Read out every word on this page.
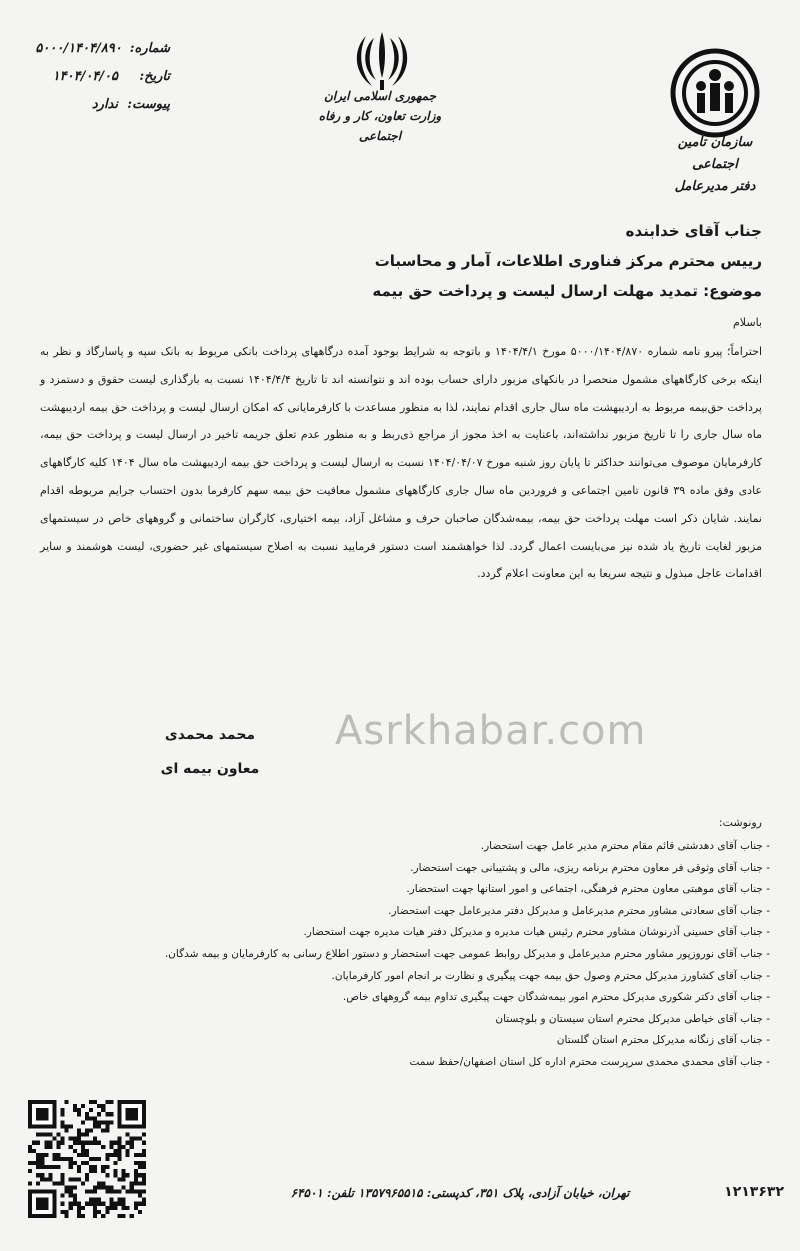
سازمان تأمین اجتماعی
دفتر مدیرعامل
جمهوری اسلامی ایران
وزارت تعاون، کار و رفاه اجتماعی
شماره:
۵۰۰۰/۱۴۰۴/۸۹۰
تاریخ:
۱۴۰۴/۰۴/۰۵
پیوست:
ندارد
جناب آقای خدابنده
رییس محترم مرکز فناوری اطلاعات، آمار و محاسبات
موضوع: تمدید مهلت ارسال لیست و پرداخت حق بیمه
باسلام

احتراماً؛ پیرو نامه شماره ۵۰۰۰/۱۴۰۴/۸۷۰ مورخ ۱۴۰۴/۴/۱ و باتوجه به شرایط بوجود آمده درگاههای پرداخت بانکی مربوط به بانک سپه و پاسارگاد و نظر به اینکه برخی کارگاههای مشمول منحصرا در بانکهای مزبور دارای حساب بوده اند و نتوانسته اند تا تاریخ ۱۴۰۴/۴/۴ نسبت به بارگذاری لیست حقوق و دستمزد و پرداخت حق‌بیمه مربوط به اردیبهشت ماه سال جاری اقدام نمایند، لذا به منظور مساعدت با کارفرمایانی که امکان ارسال لیست و پرداخت حق بیمه اردیبهشت ماه سال جاری را تا تاریخ مزبور نداشته‌اند، باعنایت به اخذ مجوز از مراجع ذی‌ربط و به منظور عدم تعلق جریمه تاخیر در ارسال لیست و پرداخت حق بیمه، کارفرمایان موصوف می‌توانند حداکثر تا پایان روز شنبه مورخ ۱۴۰۴/۰۴/۰۷ نسبت به ارسال لیست و پرداخت حق بیمه اردیبهشت ماه سال ۱۴۰۴ کلیه کارگاههای عادی وفق ماده ۳۹ قانون تامین اجتماعی و فروردین ماه سال جاری کارگاههای مشمول معافیت حق بیمه سهم کارفرما بدون احتساب جرایم مربوطه اقدام نمایند. شایان ذکر است مهلت پرداخت حق بیمه، بیمه‌شدگان صاحبان حرف و مشاغل آزاد، بیمه اختیاری، کارگران ساختمانی و گروههای خاص در سیستمهای مزبور لغایت تاریخ یاد شده نیز می‌بایست اعمال گردد. لذا خواهشمند است دستور فرمایید نسبت به اصلاح سیستمهای غیر حضوری، لیست هوشمند و سایر اقدامات عاجل مبذول و نتیجه سریعا به این معاونت اعلام گردد.

محمد محمدی
معاون بیمه ای
Asrkhabar.com
رونوشت:
- جناب آقای دهدشتی قائم مقام محترم مدیر عامل جهت استحضار.
- جناب آقای وثوقی فر معاون محترم برنامه ریزی، مالی و پشتیبانی جهت استحضار.
- جناب آقای موهبتی معاون محترم فرهنگی، اجتماعی و امور استانها جهت استحضار.
- جناب آقای سعادتی مشاور محترم مدیرعامل و مدیرکل دفتر مدیرعامل جهت استحضار.
- جناب آقای حسینی آذرنوشان مشاور محترم رئیس هیات مدیره و مدیرکل دفتر هیات مدیره جهت استحضار.
- جناب آقای نوروزپور مشاور محترم مدیرعامل و مدیرکل روابط عمومی جهت استحضار و دستور اطلاع رسانی به کارفرمایان و بیمه شدگان.
- جناب آقای کشاورز مدیرکل محترم وصول حق بیمه جهت پیگیری و نظارت بر انجام امور کارفرمایان.
- جناب آقای دکتر شکوری مدیرکل محترم امور بیمه‌شدگان جهت پیگیری تداوم بیمه گروههای خاص.
- جناب آقای خیاطی مدیرکل محترم استان سیستان و بلوچستان
- جناب آقای زنگانه مدیرکل محترم استان گلستان
- جناب آقای محمدی محمدی سرپرست محترم اداره کل استان اصفهان/حفظ سمت
تهران، خیابان آزادی، پلاک ۳۵۱، کدپستی: ۱۳۵۷۹۶۵۵۱۵ تلفن: ۶۴۵۰۱	۱۲۱۳۶۳۲
